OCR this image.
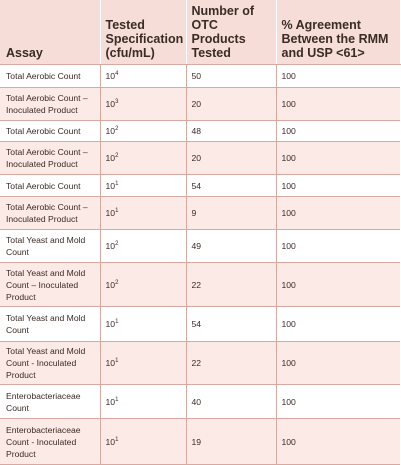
Assay	Tested Specification (cfu/mL)	Number of OTC Products Tested	% Agreement Between the RMM and USP <61>
Total Aerobic Count	$10^4$	50	100
Total Aerobic Count – Inoculated Product	$10^3$	20	100
Total Aerobic Count	$10^2$	48	100
Total Aerobic Count – Inoculated Product	$10^2$	20	100
Total Aerobic Count	$10^1$	54	100
Total Aerobic Count – Inoculated Product	$10^1$	9	100
Total Yeast and Mold Count	$10^2$	49	100
Total Yeast and Mold Count – Inoculated Product	$10^2$	22	100
Total Yeast and Mold Count	$10^1$	54	100
Total Yeast and Mold Count - Inoculated Product	$10^1$	22	100
Enterobacteriaceae Count	$10^1$	40	100
Enterobacteriaceae Count - Inoculated Product	$10^1$	19	100
